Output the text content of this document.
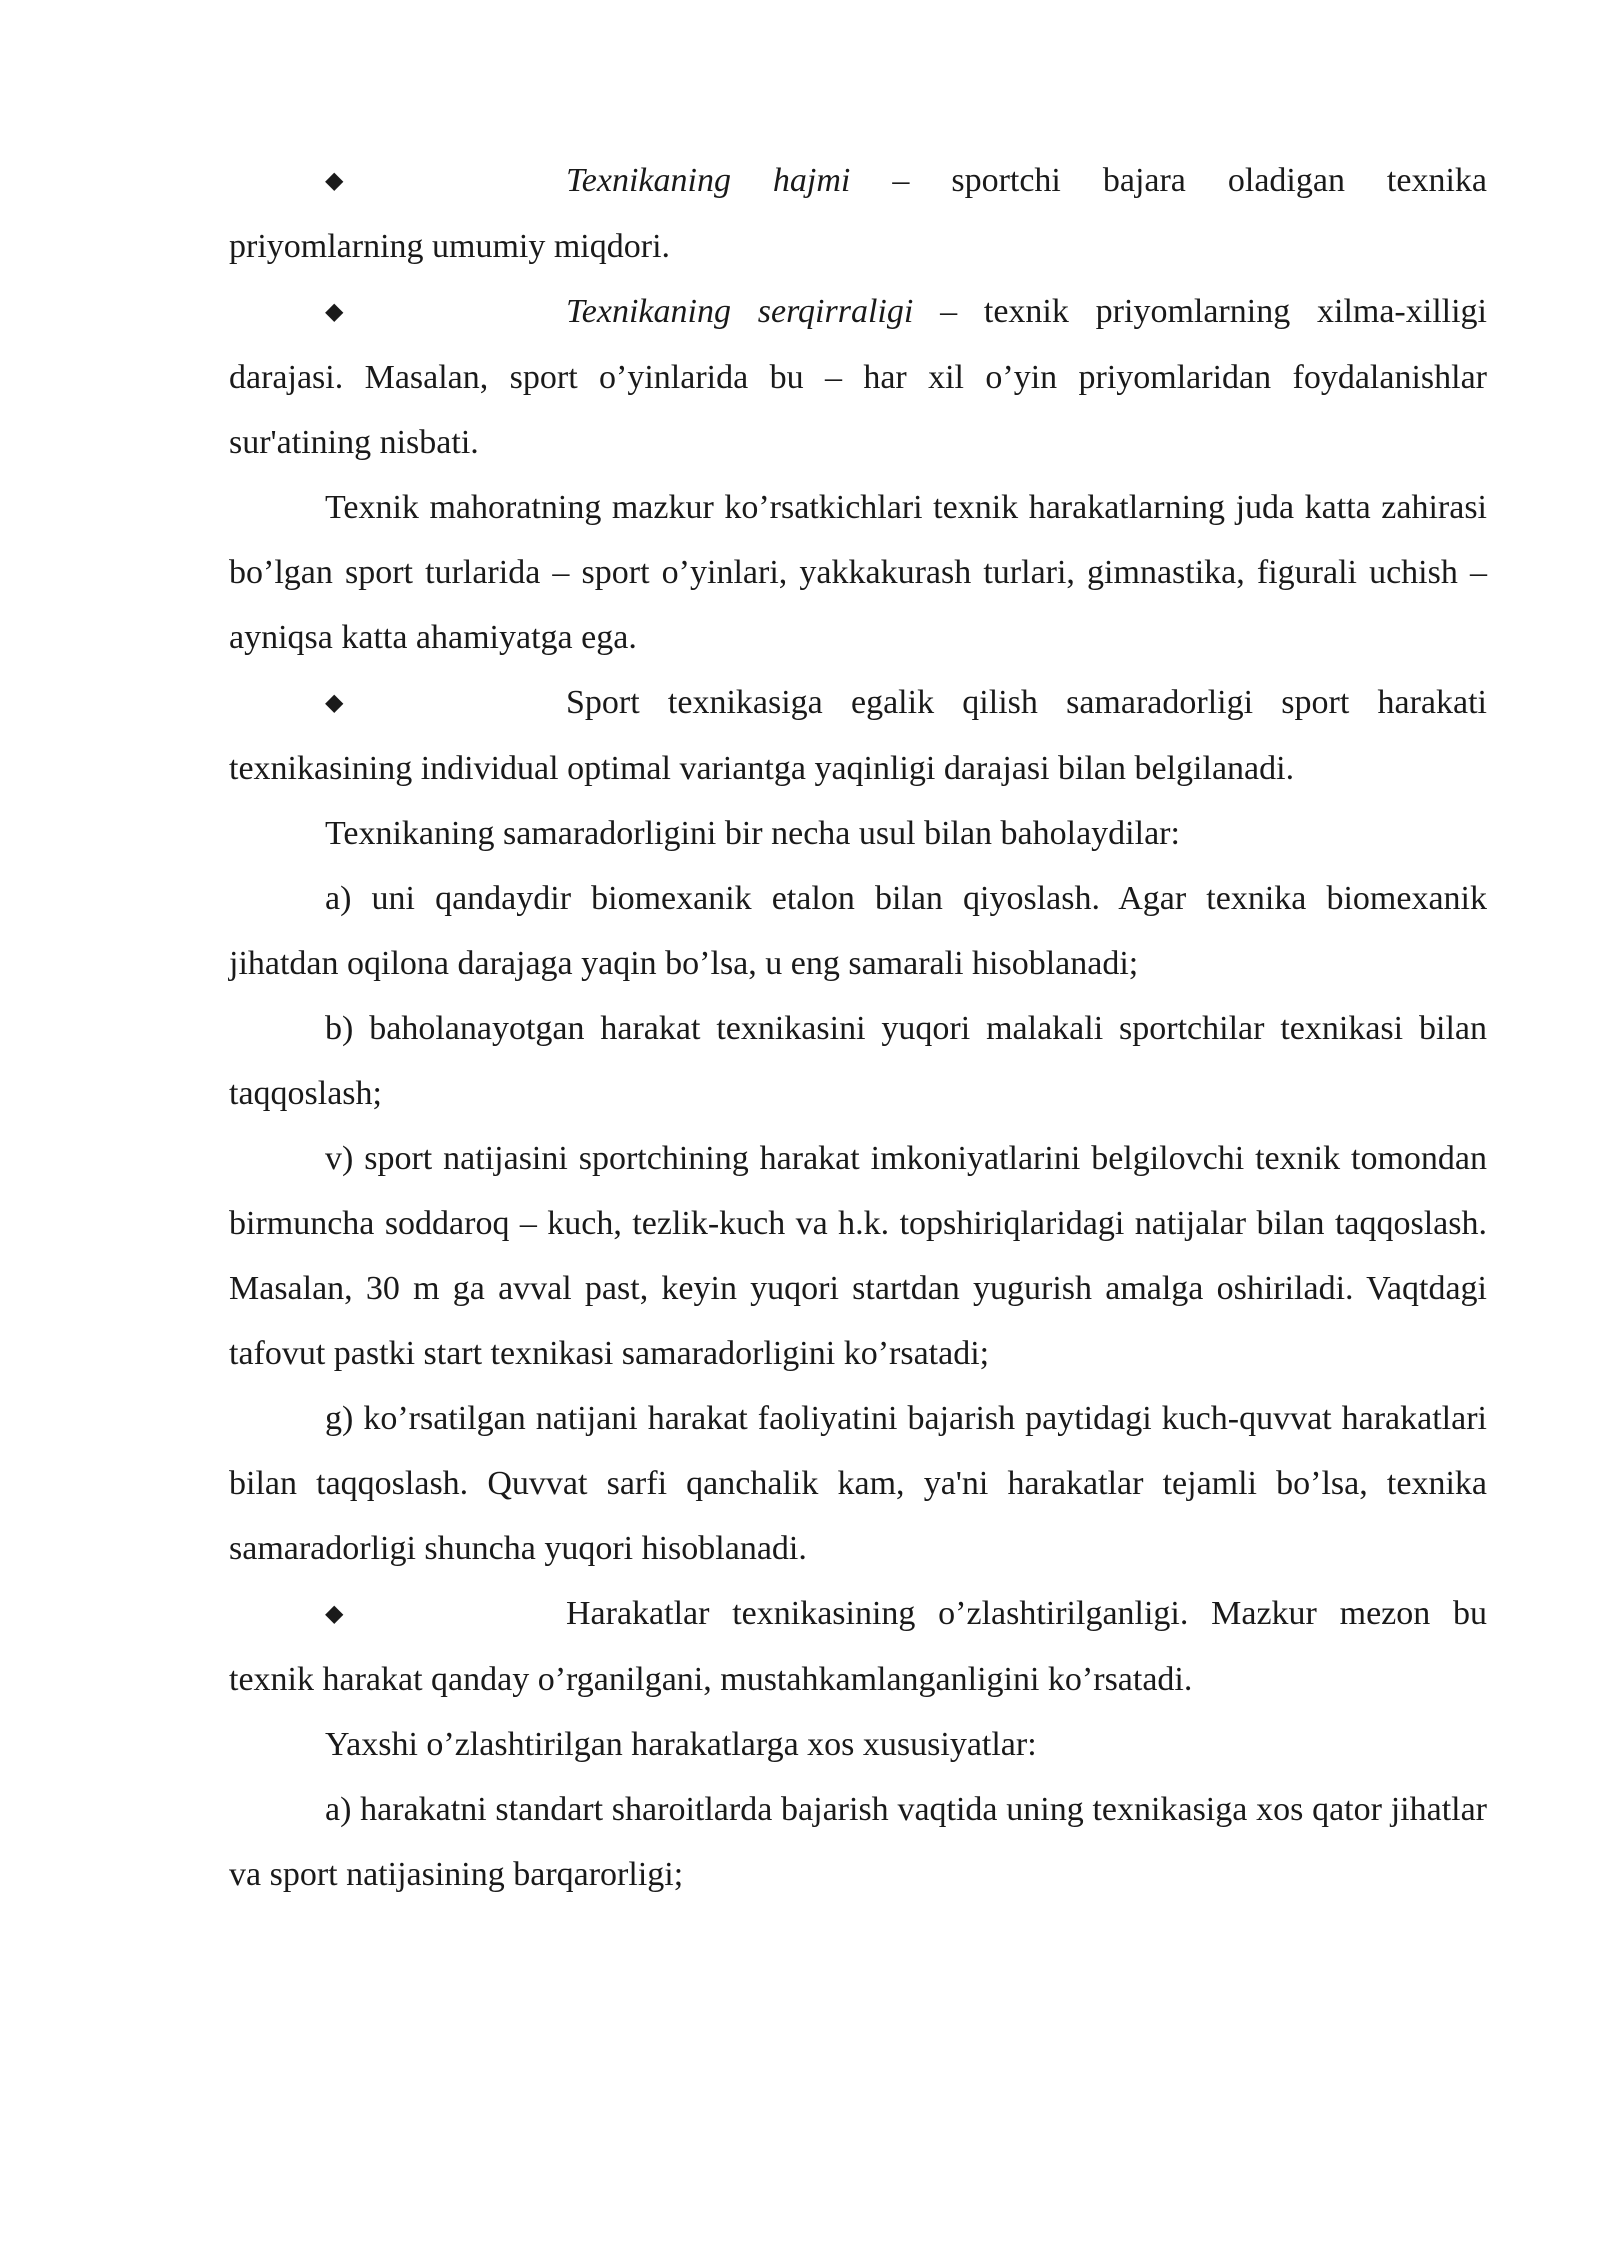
◆	Texnikaning hajmi – sportchi bajara oladigan texnika priyomlarning umumiy miqdori.

◆	Texnikaning serqirraligi – texnik priyomlarning xilma-xilligi darajasi. Masalan, sport o’yinlarida bu – har xil o’yin priyomlaridan foydalanishlar sur'atining nisbati.

Texnik mahoratning mazkur ko’rsatkichlari texnik harakatlarning juda katta zahirasi bo’lgan sport turlarida – sport o’yinlari, yakkakurash turlari, gimnastika, figurali uchish – ayniqsa katta ahamiyatga ega.

◆	Sport texnikasiga egalik qilish samaradorligi sport harakati texnikasining individual optimal variantga yaqinligi darajasi bilan belgilanadi.

Texnikaning samaradorligini bir necha usul bilan baholaydilar:

a) uni qandaydir biomexanik etalon bilan qiyoslash. Agar texnika biomexanik jihatdan oqilona darajaga yaqin bo’lsa, u eng samarali hisoblanadi;

b) baholanayotgan harakat texnikasini yuqori malakali sportchilar texnikasi bilan taqqoslash;

v) sport natijasini sportchining harakat imkoniyatlarini belgilovchi texnik tomondan birmuncha soddaroq – kuch, tezlik-kuch va h.k. topshiriqlaridagi natijalar bilan taqqoslash. Masalan, 30 m ga avval past, keyin yuqori startdan yugurish amalga oshiriladi. Vaqtdagi tafovut pastki start texnikasi samaradorligini ko’rsatadi;

g) ko’rsatilgan natijani harakat faoliyatini bajarish paytidagi kuch-quvvat harakatlari bilan taqqoslash. Quvvat sarfi qanchalik kam, ya'ni harakatlar tejamli bo’lsa, texnika samaradorligi shuncha yuqori hisoblanadi.

◆	Harakatlar texnikasining o’zlashtirilganligi. Mazkur mezon bu texnik harakat qanday o’rganilgani, mustahkamlanganligini ko’rsatadi.

Yaxshi o’zlashtirilgan harakatlarga xos xususiyatlar:

a) harakatni standart sharoitlarda bajarish vaqtida uning texnikasiga xos qator jihatlar va sport natijasining barqarorligi;
